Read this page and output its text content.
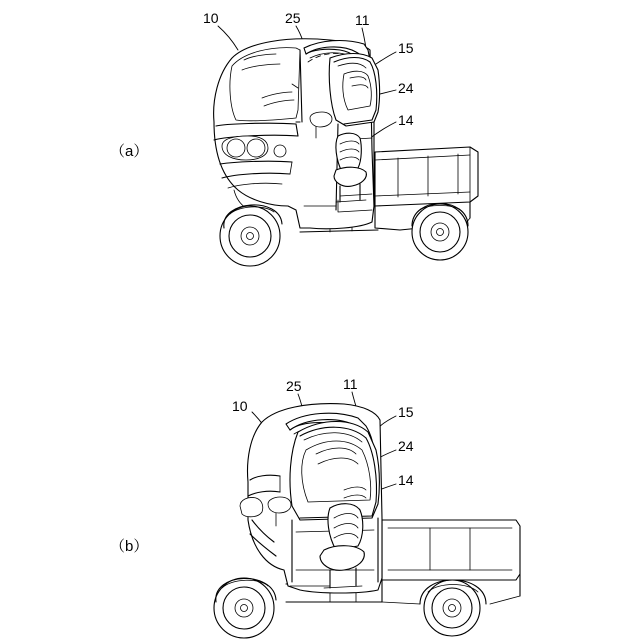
（a）
10	25	11
15
24
14
（b）
10
25	11
15
24
14
